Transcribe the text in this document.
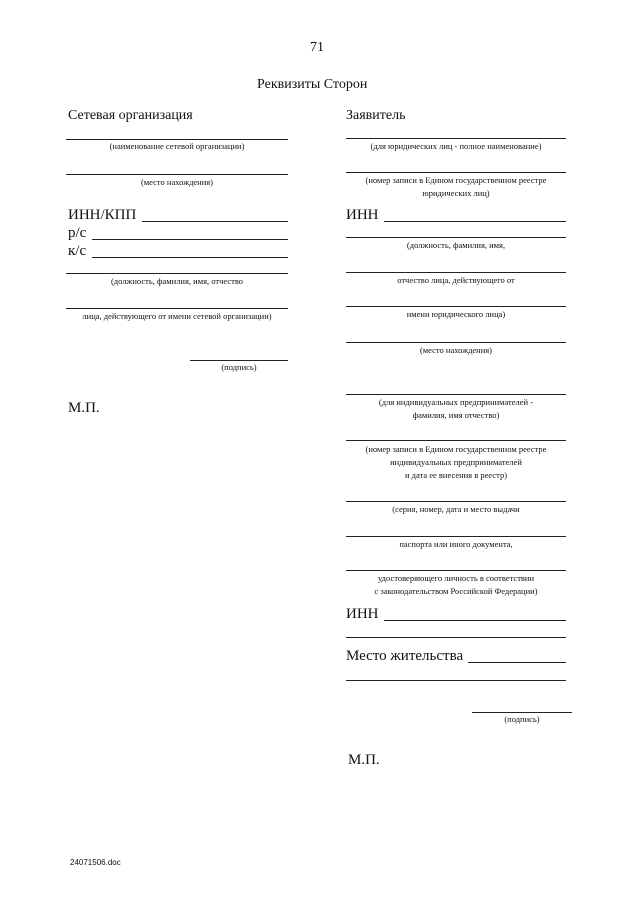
71
Реквизиты Сторон
Сетевая организация
(наименование сетевой организации)
(место нахождения)
ИНН/КПП
р/с
к/с
(должность, фамилия, имя, отчество
лица, действующего от имени сетевой организации)
(подпись)
М.П.
Заявитель
(для юридических лиц - полное наименование)
(номер записи в Едином государственном реестре
юридических лиц)
ИНН
(должность, фамилия, имя,
отчество лица, действующего от
имени юридического лица)
(место нахождения)
(для индивидуальных предпринимателей -
фамилия, имя отчество)
(номер записи в Едином государственном реестре
индивидуальных предпринимателей
и дата ее внесения в реестр)
(серия, номер, дата и место выдачи
паспорта или иного документа,
удостоверяющего личность в соответствии
с законодательством Российской Федерации)
ИНН
Место жительства
(подпись)
М.П.
24071506.doc
